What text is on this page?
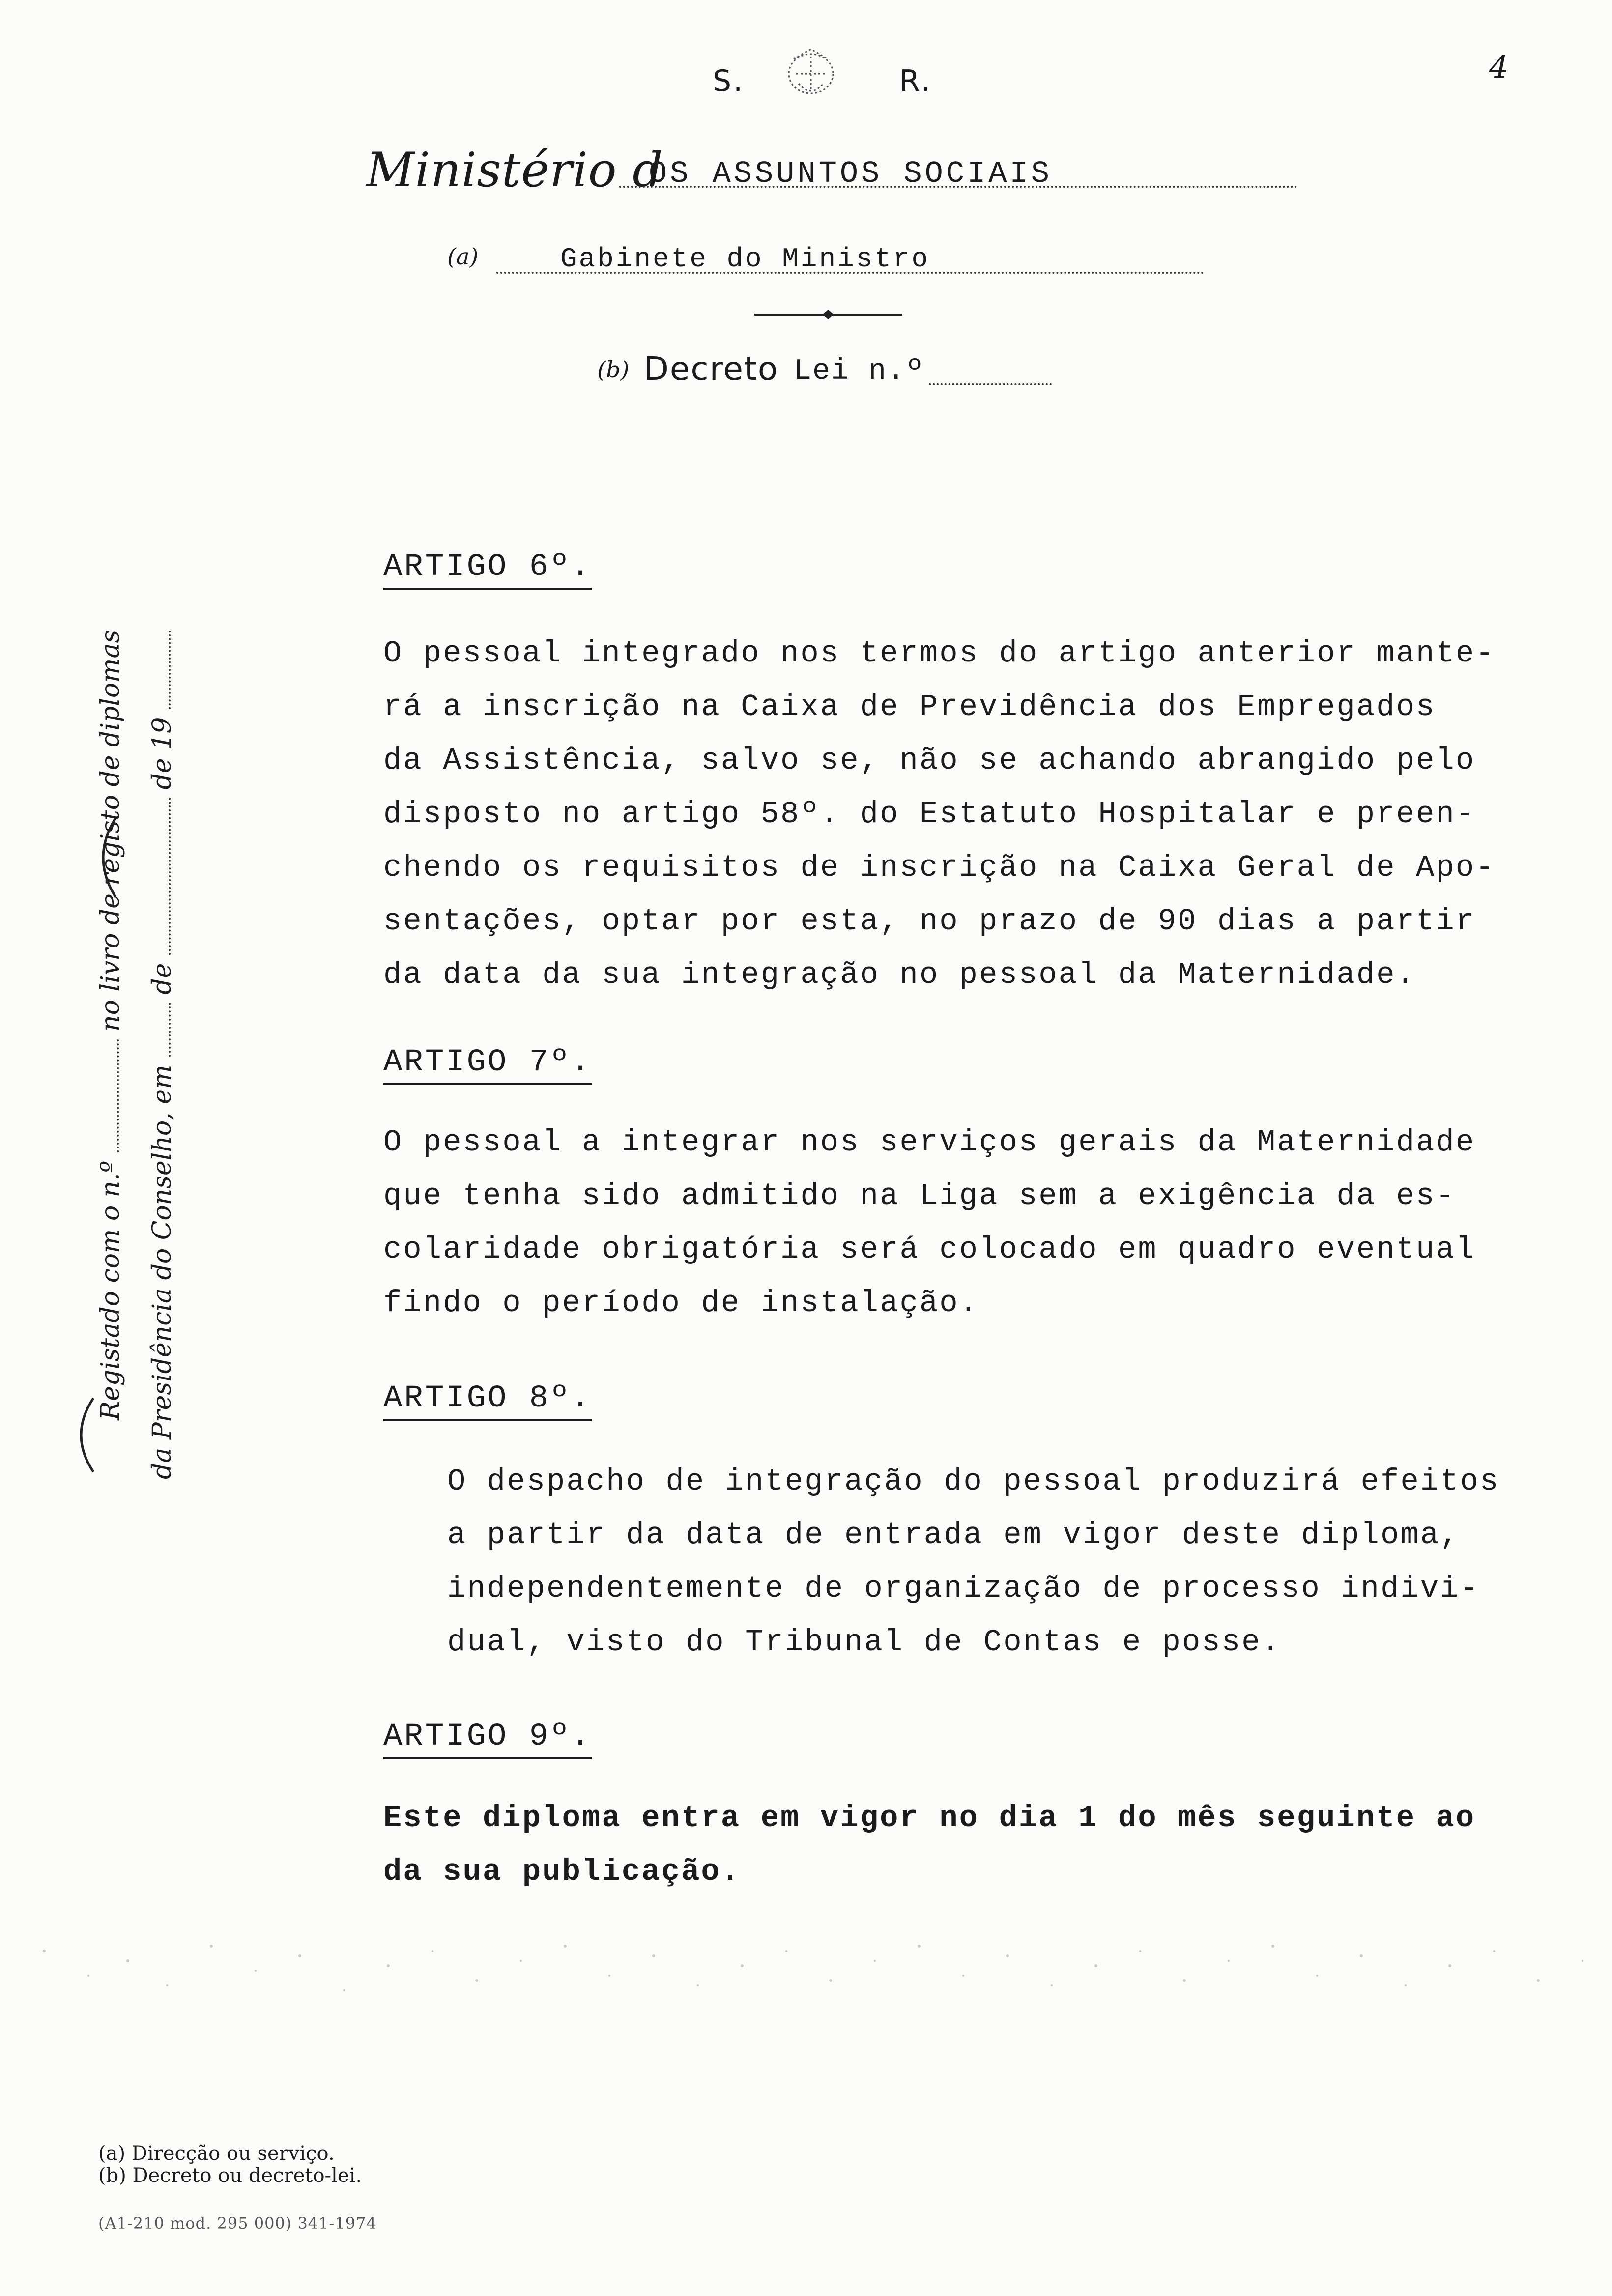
S.	R.	4
Ministério d
OS ASSUNTOS SOCIAIS
(a)	Gabinete do Ministro
(b) Decreto Lei n.º
Registado com o n.º  no livro de registo de diplomas
da Presidência do Conselho, em  de  de 19
ARTIGO 6º.
O pessoal integrado nos termos do artigo anterior mante-
rá a inscrição na Caixa de Previdência dos Empregados
da Assistência, salvo se, não se achando abrangido pelo
disposto no artigo 58º. do Estatuto Hospitalar e preen-
chendo os requisitos de inscrição na Caixa Geral de Apo-
sentações, optar por esta, no prazo de 90 dias a partir
da data da sua integração no pessoal da Maternidade.
ARTIGO 7º.
O pessoal a integrar nos serviços gerais da Maternidade
que tenha sido admitido na Liga sem a exigência da es-
colaridade obrigatória será colocado em quadro eventual
findo o período de instalação.
ARTIGO 8º.
O despacho de integração do pessoal produzirá efeitos
a partir da data de entrada em vigor deste diploma,
independentemente de organização de processo indivi-
dual, visto do Tribunal de Contas e posse.
ARTIGO 9º.
Este diploma entra em vigor no dia 1 do mês seguinte ao
da sua publicação.
(a) Direcção ou serviço.
(b) Decreto ou decreto-lei.
(A1-210 mod. 295 000) 341-1974
